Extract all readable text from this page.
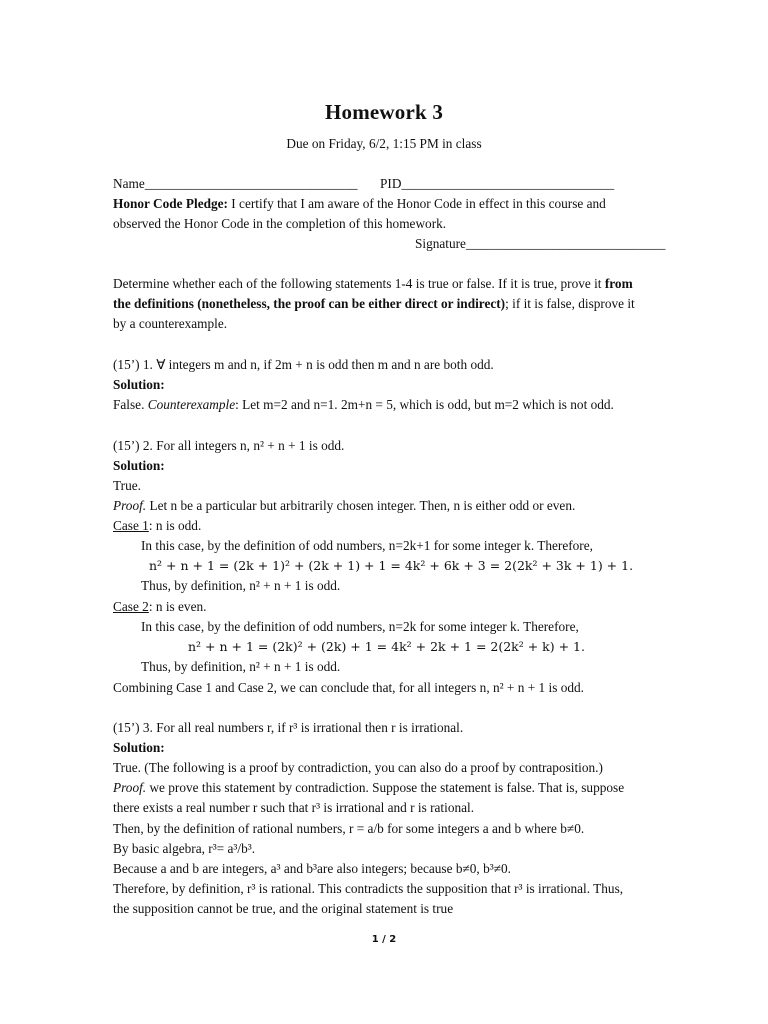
Homework 3
Due on Friday, 6/2, 1:15 PM in class
Name________________________________ PID________________________________
Honor Code Pledge: I certify that I am aware of the Honor Code in effect in this course and
observed the Honor Code in the completion of this homework.
Signature______________________________
Determine whether each of the following statements 1-4 is true or false. If it is true, prove it from
the definitions (nonetheless, the proof can be either direct or indirect); if it is false, disprove it
by a counterexample.
(15’) 1. ∀ integers m and n, if 2m + n is odd then m and n are both odd.
Solution:
False. Counterexample: Let m=2 and n=1. 2m+n = 5, which is odd, but m=2 which is not odd.
(15’) 2. For all integers n, n² + n + 1 is odd.
Solution:
True.
Proof. Let n be a particular but arbitrarily chosen integer. Then, n is either odd or even.
Case 1: n is odd.
In this case, by the definition of odd numbers, n=2k+1 for some integer k. Therefore,
n² + n + 1 = (2k + 1)² + (2k + 1) + 1 = 4k² + 6k + 3 = 2(2k² + 3k + 1) + 1.
Thus, by definition, n² + n + 1 is odd.
Case 2: n is even.
In this case, by the definition of odd numbers, n=2k for some integer k. Therefore,
n² + n + 1 = (2k)² + (2k) + 1 = 4k² + 2k + 1 = 2(2k² + k) + 1.
Thus, by definition, n² + n + 1 is odd.
Combining Case 1 and Case 2, we can conclude that, for all integers n, n² + n + 1 is odd.
(15’) 3. For all real numbers r, if r³ is irrational then r is irrational.
Solution:
True. (The following is a proof by contradiction, you can also do a proof by contraposition.)
Proof. we prove this statement by contradiction. Suppose the statement is false. That is, suppose
there exists a real number r such that r³ is irrational and r is rational.
Then, by the definition of rational numbers, r = a/b for some integers a and b where b≠0.
By basic algebra, r³= a³/b³.
Because a and b are integers, a³ and b³are also integers; because b≠0, b³≠0.
Therefore, by definition, r³ is rational. This contradicts the supposition that r³ is irrational. Thus,
the supposition cannot be true, and the original statement is true
1 / 2
